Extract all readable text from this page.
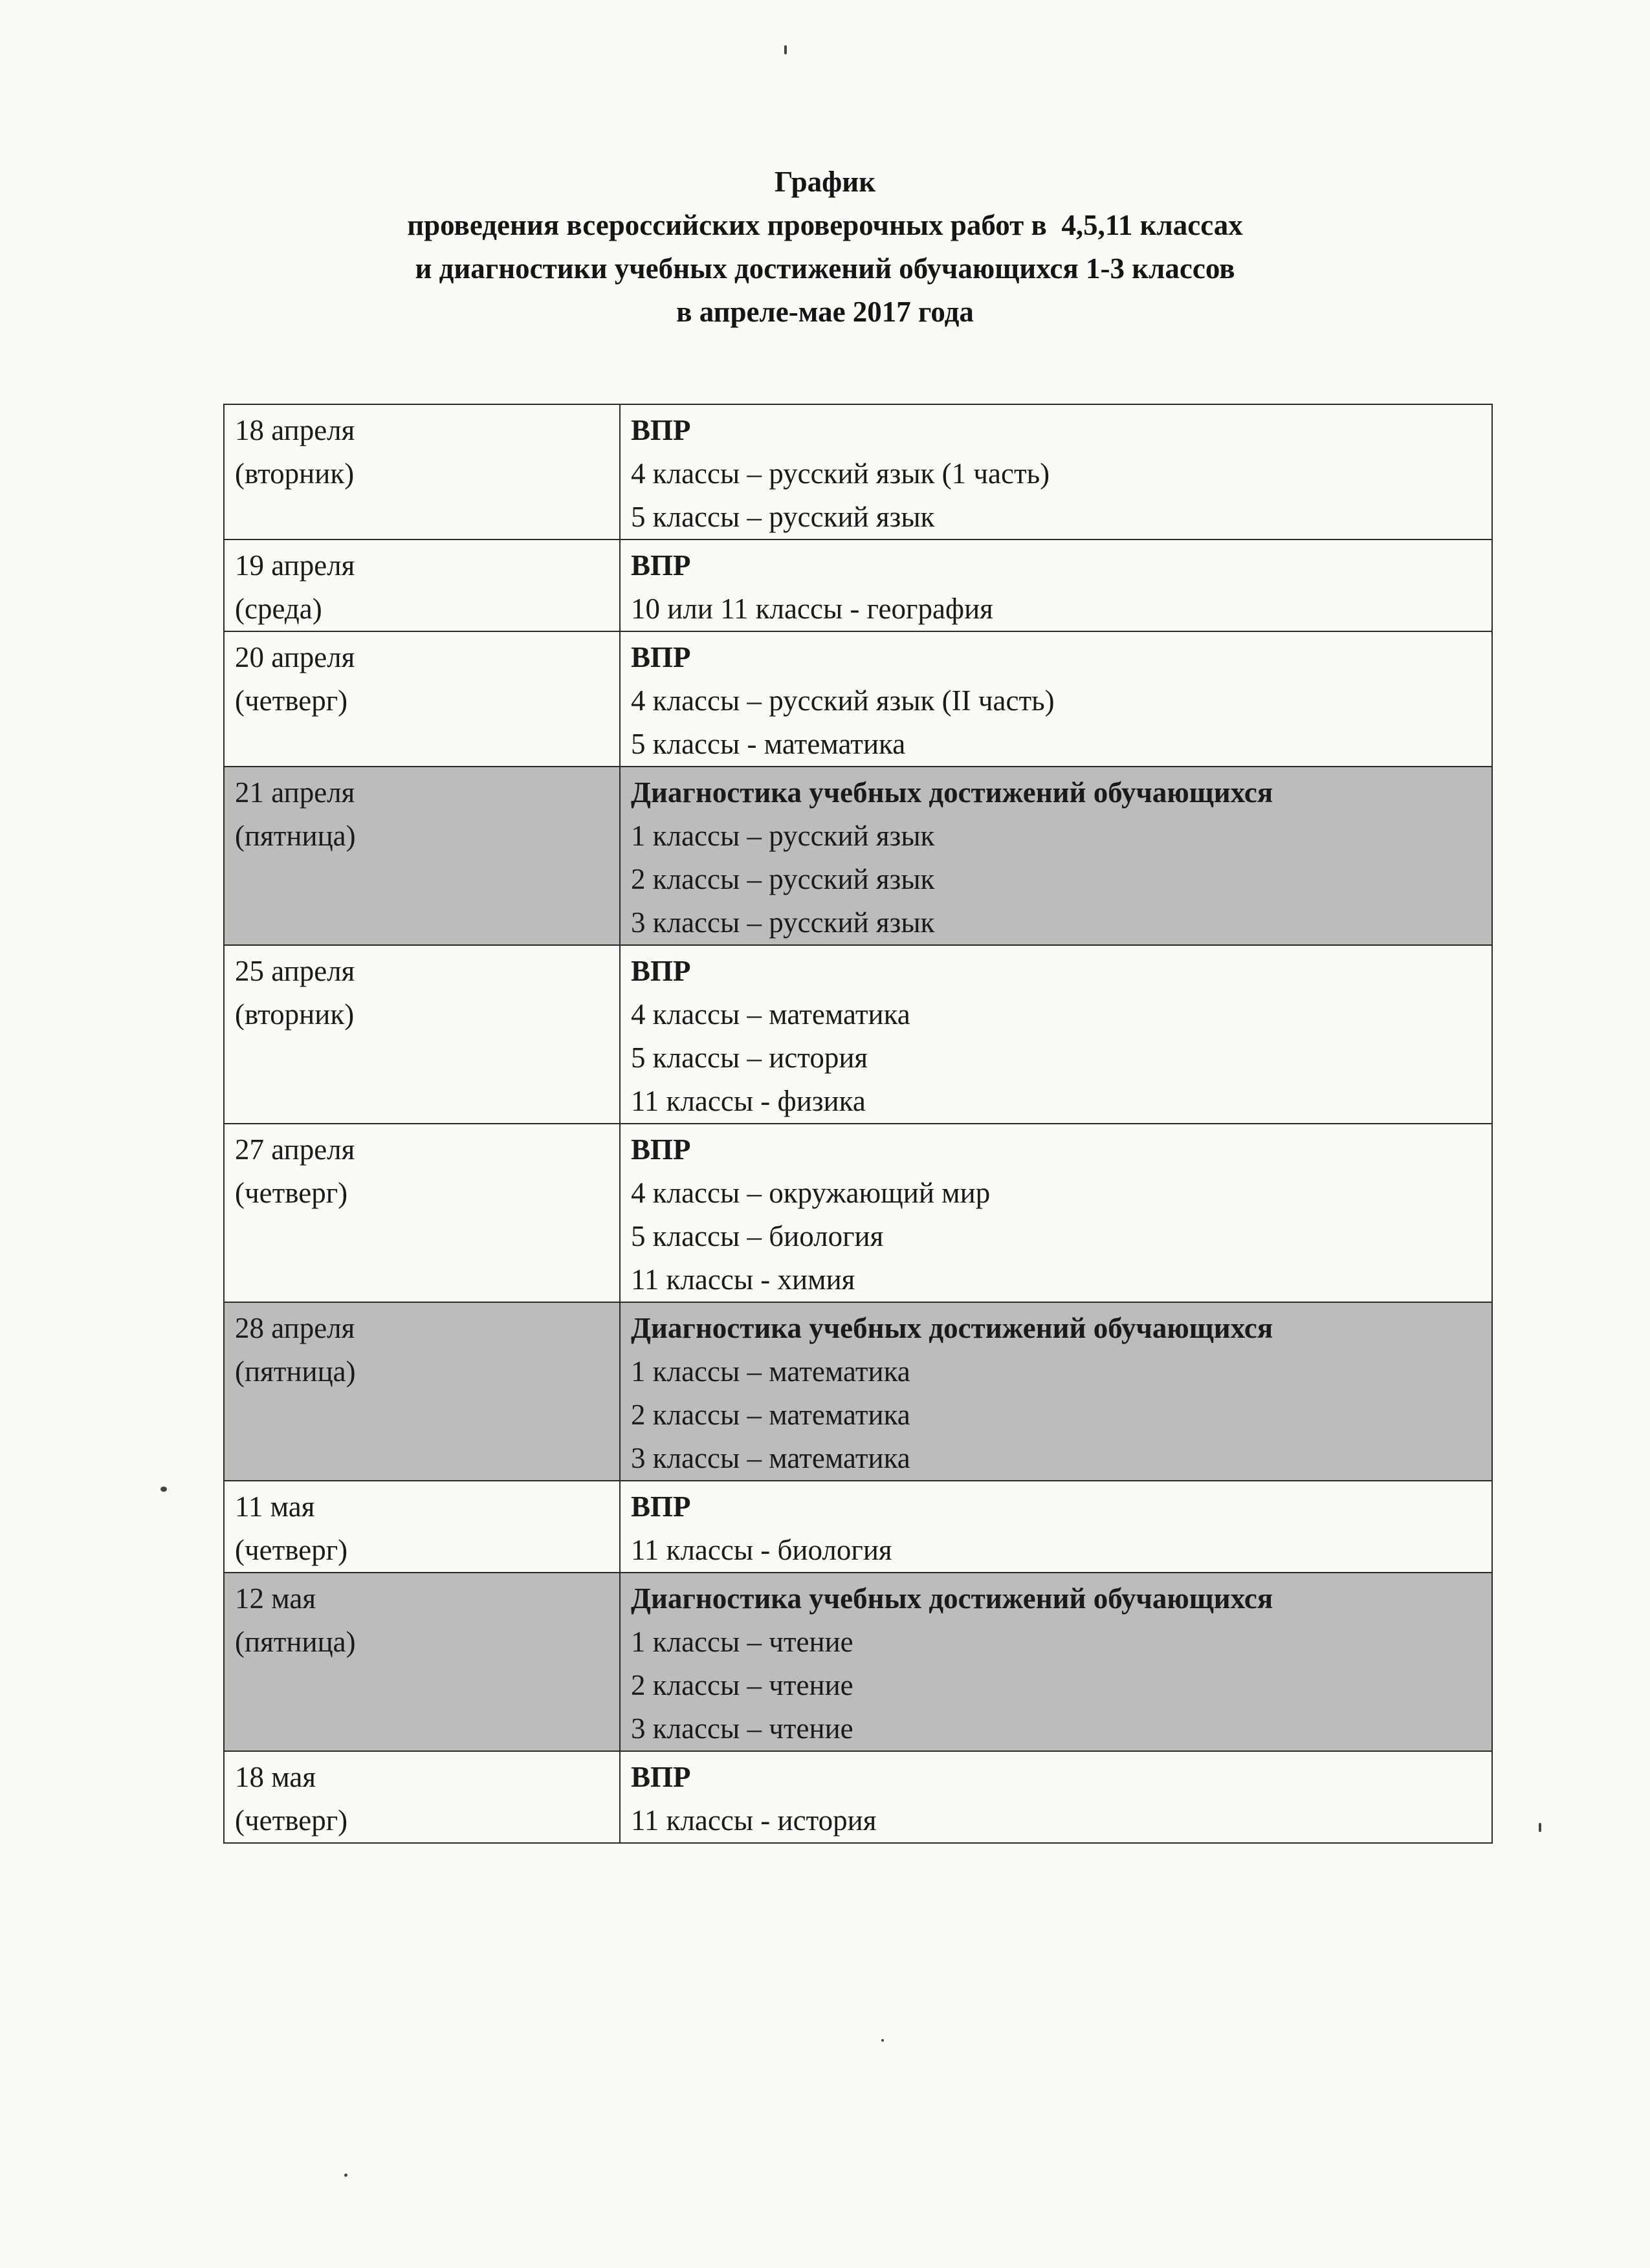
График
проведения всероссийских проверочных работ в  4,5,11 классах
и диагностики учебных достижений обучающихся 1-3 классов
в апреле-мае 2017 года
18 апреля
(вторник)	ВПР
4 классы – русский язык (1 часть)
5 классы – русский язык

19 апреля
(среда)	ВПР
10 или 11 классы - география

20 апреля
(четверг)	ВПР
4 классы – русский язык (II часть)
5 классы - математика

21 апреля
(пятница)	Диагностика учебных достижений обучающихся
1 классы – русский язык
2 классы – русский язык
3 классы – русский язык

25 апреля
(вторник)	ВПР
4 классы – математика
5 классы – история
11 классы - физика

27 апреля
(четверг)	ВПР
4 классы – окружающий мир
5 классы – биология
11 классы - химия

28 апреля
(пятница)	Диагностика учебных достижений обучающихся
1 классы – математика
2 классы – математика
3 классы – математика

11 мая
(четверг)	ВПР
11 классы - биология

12 мая
(пятница)	Диагностика учебных достижений обучающихся
1 классы – чтение
2 классы – чтение
3 классы – чтение

18 мая
(четверг)	ВПР
11 классы - история
